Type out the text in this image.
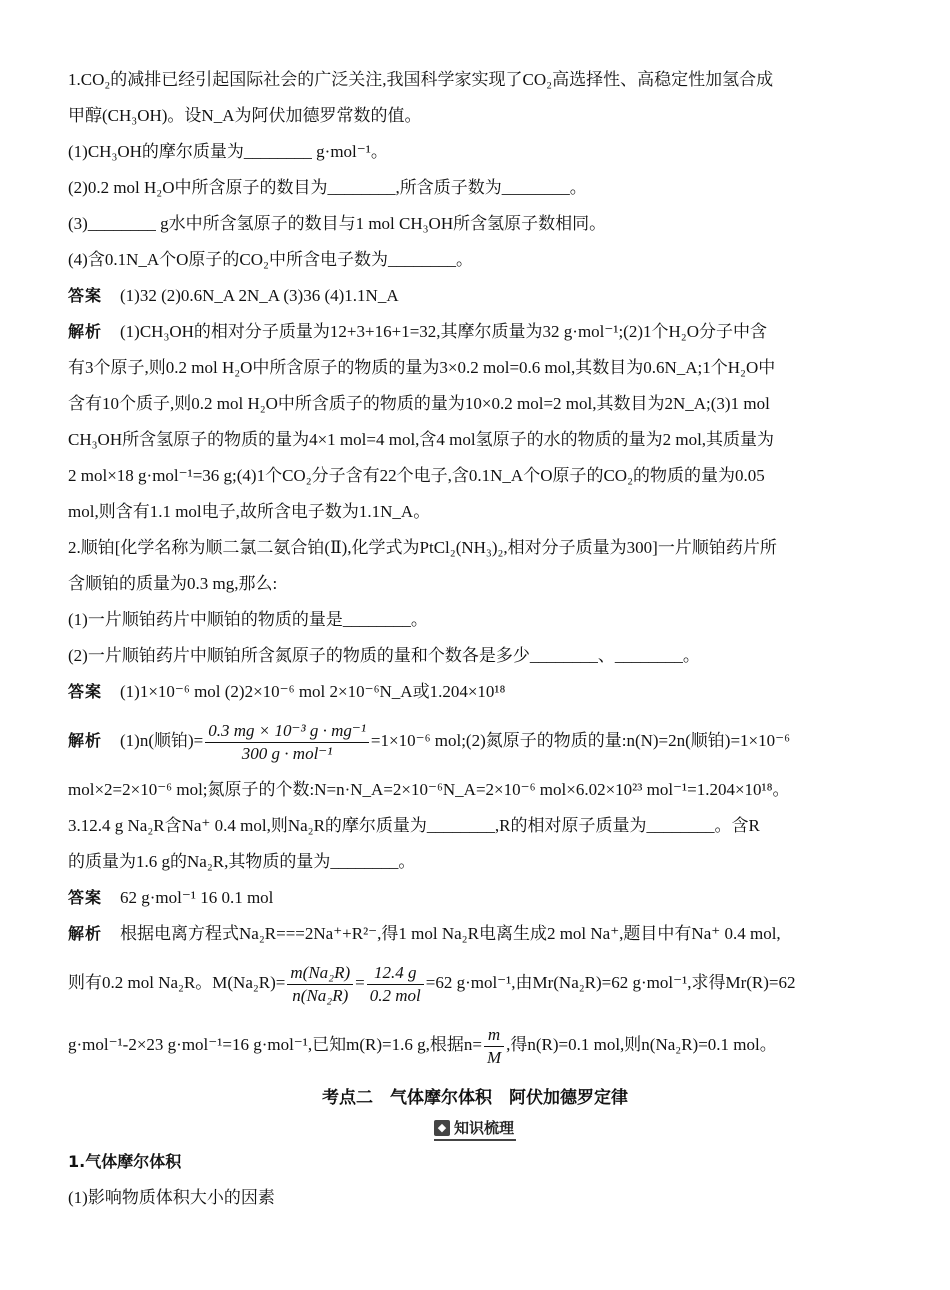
1.CO₂的减排已经引起国际社会的广泛关注,我国科学家实现了CO₂高选择性、高稳定性加氢合成
甲醇(CH₃OH)。设N_A为阿伏加德罗常数的值。
(1)CH₃OH的摩尔质量为________ g·mol⁻¹。
(2)0.2 mol H₂O中所含原子的数目为________,所含质子数为________。
(3)________ g水中所含氢原子的数目与1 mol CH₃OH所含氢原子数相同。
(4)含0.1N_A个O原子的CO₂中所含电子数为________。
答案 (1)32 (2)0.6N_A 2N_A (3)36 (4)1.1N_A
解析 (1)CH₃OH的相对分子质量为12+3+16+1=32,其摩尔质量为32 g·mol⁻¹;(2)1个H₂O分子中含
有3个原子,则0.2 mol H₂O中所含原子的物质的量为3×0.2 mol=0.6 mol,其数目为0.6N_A;1个H₂O中
含有10个质子,则0.2 mol H₂O中所含质子的物质的量为10×0.2 mol=2 mol,其数目为2N_A;(3)1 mol
CH₃OH所含氢原子的物质的量为4×1 mol=4 mol,含4 mol氢原子的水的物质的量为2 mol,其质量为
2 mol×18 g·mol⁻¹=36 g;(4)1个CO₂分子含有22个电子,含0.1N_A个O原子的CO₂的物质的量为0.05
mol,则含有1.1 mol电子,故所含电子数为1.1N_A。
2.顺铂[化学名称为顺二氯二氨合铂(Ⅱ),化学式为PtCl₂(NH₃)₂,相对分子质量为300]一片顺铂药片所
含顺铂的质量为0.3 mg,那么:
(1)一片顺铂药片中顺铂的物质的量是________。
(2)一片顺铂药片中顺铂所含氮原子的物质的量和个数各是多少________、________。
答案 (1)1×10⁻⁶ mol (2)2×10⁻⁶ mol 2×10⁻⁶N_A或1.204×10¹⁸
解析 (1)n(顺铂)= $\frac{\text{0.3 mg × 10⁻³ g · mg⁻¹}}{\text{300 g · mol⁻¹}} =1\times 10^{-6}$ mol;(2)氮原子的物质的量:n(N)=2n(顺铂)=1×10⁻⁶
mol×2=2×10⁻⁶ mol;氮原子的个数:N=n·N_A=2×10⁻⁶N_A=2×10⁻⁶ mol×6.02×10²³ mol⁻¹=1.204×10¹⁸。
3.12.4 g Na₂R含Na⁺ 0.4 mol,则Na₂R的摩尔质量为________,R的相对原子质量为________。含R
的质量为1.6 g的Na₂R,其物质的量为________。
答案 62 g·mol⁻¹ 16 0.1 mol
解析 根据电离方程式Na₂R===2Na⁺+R²⁻,得1 mol Na₂R电离生成2 mol Na⁺,题目中有Na⁺ 0.4 mol,
则有0.2 mol Na₂R。$M(Na_2R)= \frac{\text{m(Na₂R)}}{\text{n(Na₂R)}} = \frac{12.4 g}{\text{0.2 mol}} =62$ g·mol⁻¹,由Mr(Na₂R)=62 g·mol⁻¹,求得Mr(R)=62
g·mol⁻¹-2×23 g·mol⁻¹=16 g·mol⁻¹,已知m(R)=1.6 g,根据$n= \frac{m}{M}$ ,得n(R)=0.1 mol,则n(Na₂R)=0.1 mol。
考点二　气体摩尔体积　阿伏加德罗定律
◆ 知识梳理
1.气体摩尔体积
(1)影响物质体积大小的因素
